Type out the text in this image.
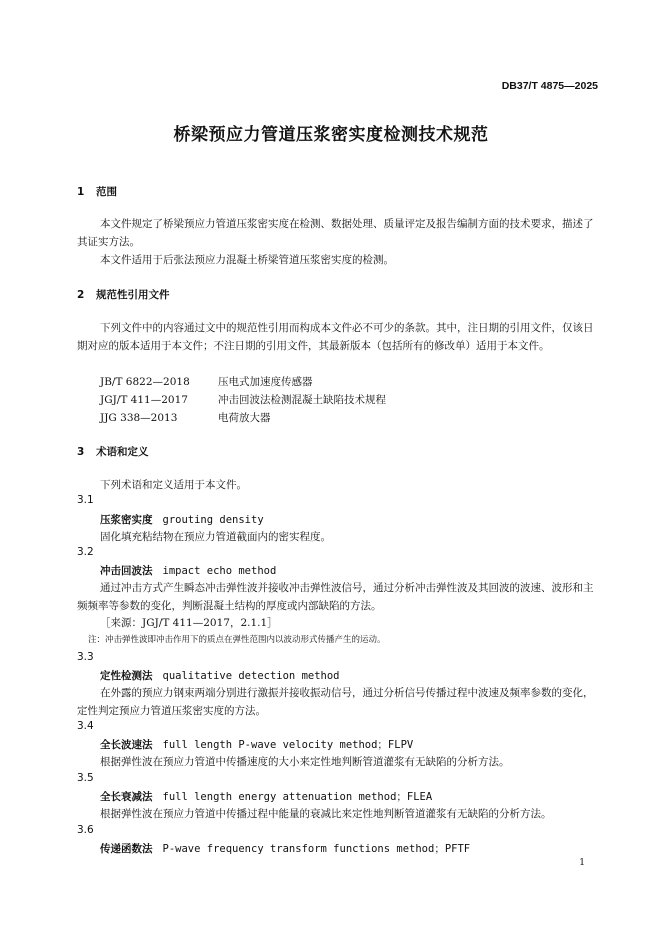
DB37/T 4875—2025
桥梁预应力管道压浆密实度检测技术规范
1 范围
本文件规定了桥梁预应力管道压浆密实度在检测、数据处理、质量评定及报告编制方面的技术要求，描述了其证实方法。
本文件适用于后张法预应力混凝土桥梁管道压浆密实度的检测。
2 规范性引用文件
下列文件中的内容通过文中的规范性引用而构成本文件必不可少的条款。其中，注日期的引用文件，仅该日期对应的版本适用于本文件；不注日期的引用文件，其最新版本（包括所有的修改单）适用于本文件。
JB/T 6822—2018	压电式加速度传感器
JGJ/T 411—2017	冲击回波法检测混凝土缺陷技术规程
JJG 338—2013	电荷放大器
3 术语和定义
下列术语和定义适用于本文件。
3.1
压浆密实度 grouting density
固化填充粘结物在预应力管道截面内的密实程度。
3.2
冲击回波法 impact echo method
通过冲击方式产生瞬态冲击弹性波并接收冲击弹性波信号，通过分析冲击弹性波及其回波的波速、波形和主频频率等参数的变化，判断混凝土结构的厚度或内部缺陷的方法。
［来源：JGJ/T 411—2017，2.1.1］
注：冲击弹性波即冲击作用下的质点在弹性范围内以波动形式传播产生的运动。
3.3
定性检测法 qualitative detection method
在外露的预应力钢束两端分别进行激振并接收振动信号，通过分析信号传播过程中波速及频率参数的变化，定性判定预应力管道压浆密实度的方法。
3.4
全长波速法 full length P-wave velocity method；FLPV
根据弹性波在预应力管道中传播速度的大小来定性地判断管道灌浆有无缺陷的分析方法。
3.5
全长衰减法 full length energy attenuation method；FLEA
根据弹性波在预应力管道中传播过程中能量的衰减比来定性地判断管道灌浆有无缺陷的分析方法。
3.6
传递函数法 P-wave frequency transform functions method；PFTF
1
